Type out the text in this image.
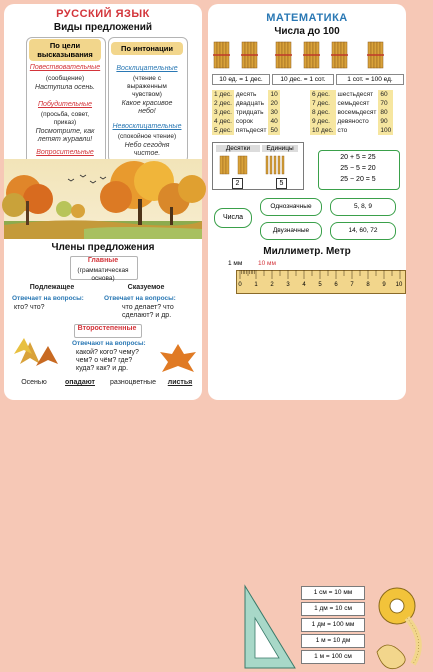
РУССКИЙ ЯЗЫК
Виды предложений
По цели высказывания
Повествовательные
(сообщение)
Наступила осень.
Побудительные
(просьба, совет, приказ)
Посмотрите, как летят журавли!
Вопросительные
По интонации
Восклицательные
(чтение с выраженным чувством)
Какое красивое небо!
Невосклицательные
(спокойное чтение)
Небо сегодня чистое.
Члены предложения
Главные
(грамматическая основа)
Подлежащее	Сказуемое
Отвечает на вопросы:
кто? что?
Отвечает на вопросы:
что делает? что сделают? и др.
Второстепенные
Отвечают на вопросы:
какой? кого? чему? чем? о чём? где? куда? как? и др.
Осенью	опадают	разноцветные	листья
МАТЕМАТИКА
Числа до 100
10 ед. = 1 дес.	10 дес. = 1 сот.	1 сот. = 100 ед.
1 дес.	десять	10
2 дес.	двадцать	20
3 дес.	тридцать	30
4 дес.	сорок	40
5 дес.	пятьдесят	50
6 дес.	шестьдесят	60
7 дес.	семьдесят	70
8 дес.	восемьдесят	80
9 дес.	девяносто	90
10 дес.	сто	100
Десятки	Единицы
2	5
20 + 5 = 25
25 − 5 = 20
25 − 20 = 5
Числа
Однозначные
Двузначные
5, 8, 9
14, 60, 72
Миллиметр. Метр
1 мм 10 мм
0 1 2 3 4 5 6 7 8 9 10
1 см = 10 мм
1 дм = 10 см
1 дм = 100 мм
1 м = 10 дм
1 м = 100 см
